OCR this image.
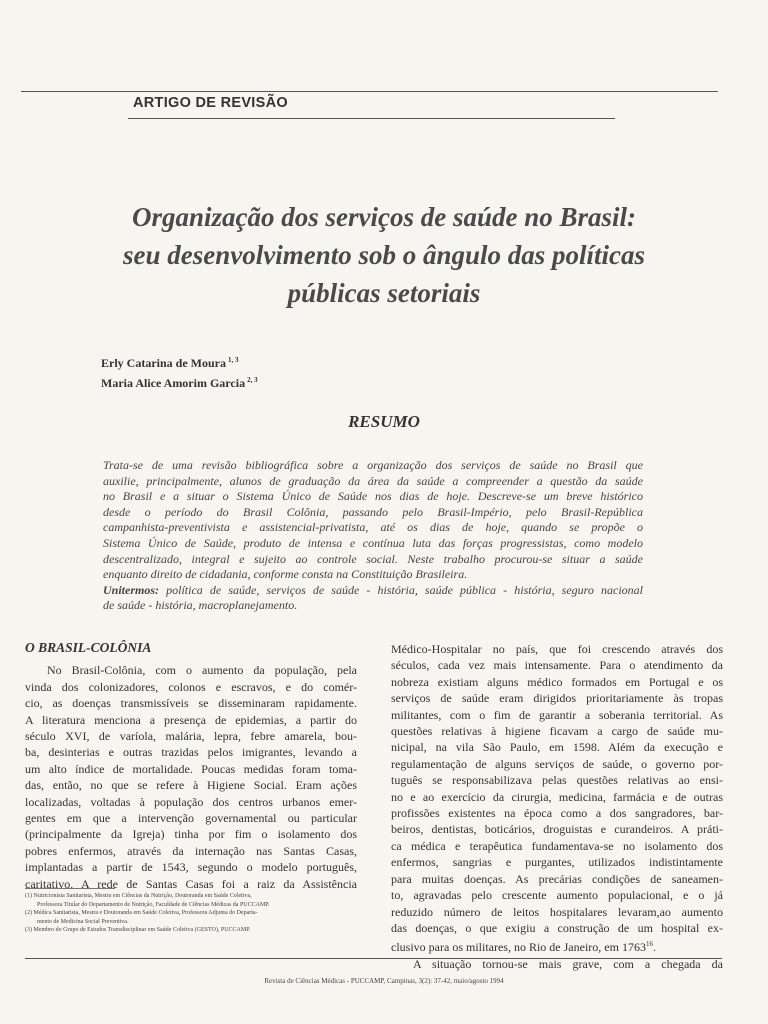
ARTIGO DE REVISÃO
Organização dos serviços de saúde no Brasil:
seu desenvolvimento sob o ângulo das políticas
públicas setoriais
Erly Catarina de Moura $^{1, 3}$
Maria Alice Amorim Garcia $^{2, 3}$
RESUMO
Trata-se de uma revisão bibliográfica sobre a organização dos serviços de saúde no Brasil que
auxilie, principalmente, alunos de graduação da área da saúde a compreender a questão da saúde
no Brasil e a situar o Sistema Único de Saúde nos dias de hoje. Descreve-se um breve histórico
desde o período do Brasil Colônia, passando pelo Brasil-Império, pelo Brasil-República
campanhista-preventivista e assistencial-privatista, até os dias de hoje, quando se propõe o
Sistema Único de Saúde, produto de intensa e contínua luta das forças progressistas, como modelo
descentralizado, integral e sujeito ao controle social. Neste trabalho procurou-se situar a saúde
enquanto direito de cidadania, conforme consta na Constituição Brasileira.
Unitermos: política de saúde, serviços de saúde - história, saúde pública - história, seguro nacional
de saúde - história, macroplanejamento.
O BRASIL-COLÔNIA
No Brasil-Colônia, com o aumento da população, pela
vinda dos colonizadores, colonos e escravos, e do comér-
cio, as doenças transmissíveis se disseminaram rapidamente.
A literatura menciona a presença de epidemias, a partir do
século XVI, de varíola, malária, lepra, febre amarela, bou-
ba, desinterias e outras trazidas pelos imigrantes, levando a
um alto índice de mortalidade. Poucas medidas foram toma-
das, então, no que se refere à Higiene Social. Eram ações
localizadas, voltadas à população dos centros urbanos emer-
gentes em que a intervenção governamental ou particular
(principalmente da Igreja) tinha por fim o isolamento dos
pobres enfermos, através da internação nas Santas Casas,
implantadas a partir de 1543, segundo o modelo português,
caritativo. A rede de Santas Casas foi a raiz da Assistência
(1) Nutricionista Sanitarista, Mestra em Ciências da Nutrição, Doutoranda em Saúde Coletiva,
Professora Titular do Departamento de Nutrição, Faculdade de Ciências Médicas da PUCCAMP.
(2) Médica Sanitarista, Mestra e Doutoranda em Saúde Coletiva, Professora Adjunta do Departa-
mento de Medicina Social Preventiva.
(3) Membro do Grupo de Estudos Transdisciplinar em Saúde Coletiva (GESTO), PUCCAMP.
Médico-Hospitalar no país, que foi crescendo através dos
séculos, cada vez mais intensamente. Para o atendimento da
nobreza existiam alguns médico formados em Portugal e os
serviços de saúde eram dirigidos prioritariamente às tropas
militantes, com o fim de garantir a soberania territorial. As
questões relativas à higiene ficavam a cargo de saúde mu-
nicipal, na vila São Paulo, em 1598. Além da execução e
regulamentação de alguns serviços de saúde, o governo por-
tuguês se responsabilizava pelas questões relativas ao ensi-
no e ao exercício da cirurgia, medicina, farmácia e de outras
profissões existentes na época como a dos sangradores, bar-
beiros, dentistas, boticários, droguistas e curandeiros. A práti-
ca médica e terapêutica fundamentava-se no isolamento dos
enfermos, sangrias e purgantes, utilizados indistintamente
para muitas doenças. As precárias condições de saneamen-
to, agravadas pelo crescente aumento populacional, e o já
reduzido número de leitos hospitalares levaram,ao aumento
das doenças, o que exigiu a construção de um hospital ex-
clusivo para os militares, no Rio de Janeiro, em 1763$^{16}$.
A situação tornou-se mais grave, com a chegada da
Revista de Ciências Médicas - PUCCAMP, Campinas, 3(2): 37-42, maio/agosto 1994
